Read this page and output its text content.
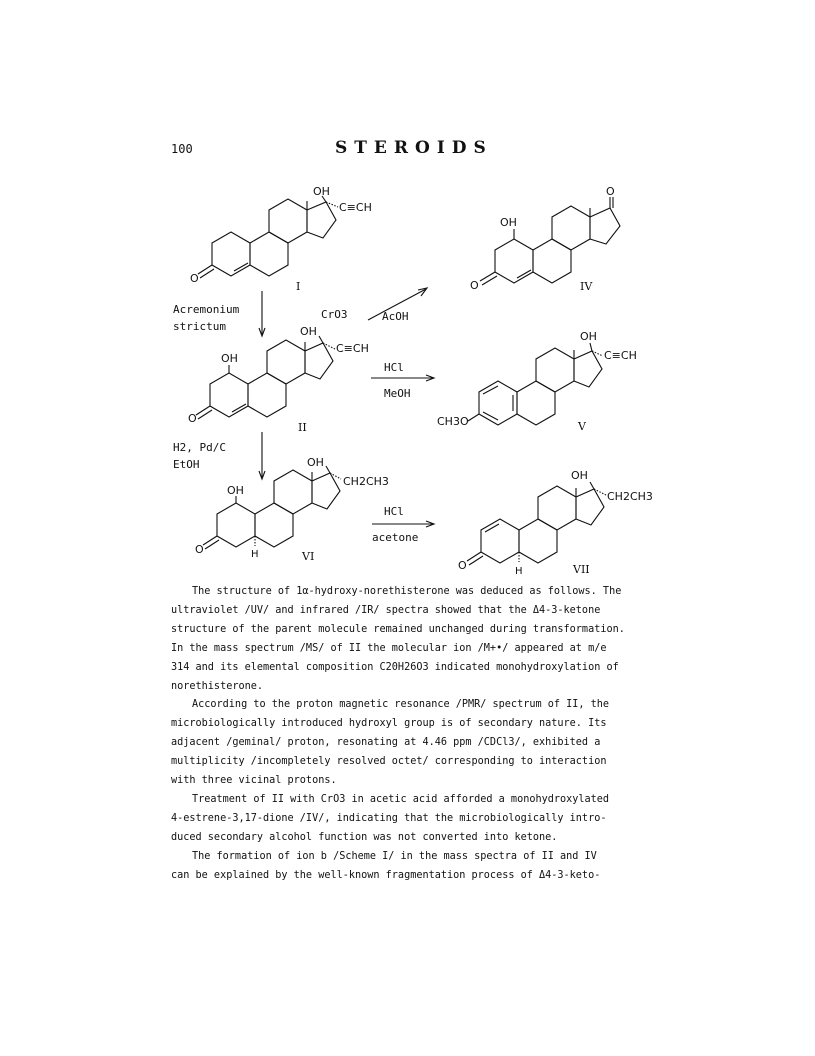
100	STEROIDS
OH
C≡CH
O
I
O
OH
O	IV
Acremonium
strictum
CrO3	AcOH
OH
C≡CH
OH
O
II
HCl
MeOH
OH
C≡CH
CH3O	V
H2, Pd/C
EtOH	OH
CH2CH3
OH
O	H	VI
HCl
acetone
OH
CH2CH3
O	H	VII

The structure of 1α-hydroxy-norethisterone was deduced as follows. The
ultraviolet /UV/ and infrared /IR/ spectra showed that the Δ4-3-ketone
structure of the parent molecule remained unchanged during transformation.
In the mass spectrum /MS/ of II the molecular ion /M+•/ appeared at m/e
314 and its elemental composition C20H26O3 indicated monohydroxylation of
norethisterone.

According to the proton magnetic resonance /PMR/ spectrum of II, the
microbiologically introduced hydroxyl group is of secondary nature. Its
adjacent /geminal/ proton, resonating at 4.46 ppm /CDCl3/, exhibited a
multiplicity /incompletely resolved octet/ corresponding to interaction
with three vicinal protons.

Treatment of II with CrO3 in acetic acid afforded a monohydroxylated
4-estrene-3,17-dione /IV/, indicating that the microbiologically intro-
duced secondary alcohol function was not converted into ketone.

The formation of ion b /Scheme I/ in the mass spectra of II and IV
can be explained by the well-known fragmentation process of Δ4-3-keto-
